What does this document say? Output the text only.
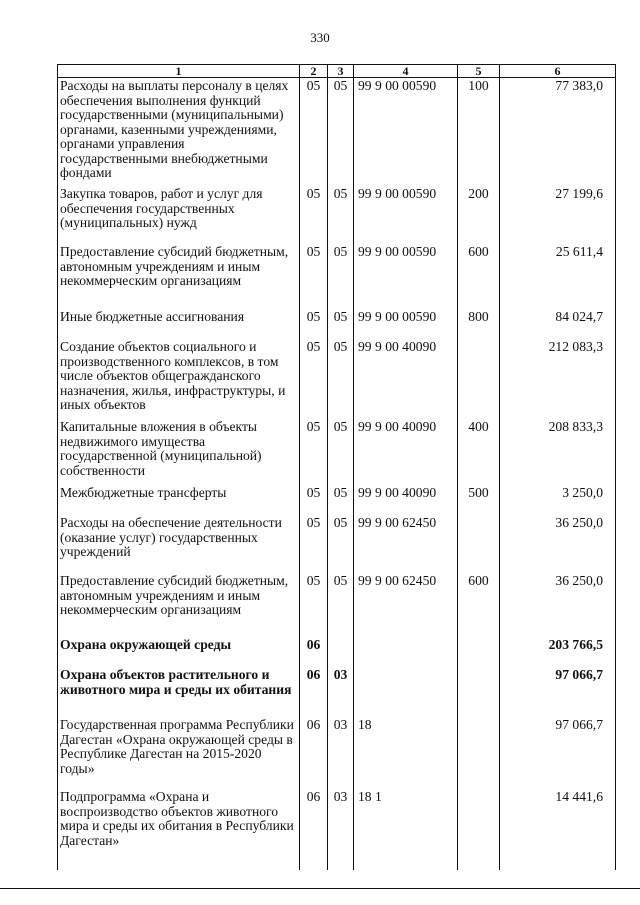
330
1	2	3	4	5	6
Расходы на выплаты персоналу в целях обеспечения выполнения функций государственными (муниципальными) органами, казенными учреждениями, органами управления государственными внебюджетными фондами	05	05	99 9 00 00590	100	77 383,0
Закупка товаров, работ и услуг для обеспечения государственных (муниципальных) нужд	05	05	99 9 00 00590	200	27 199,6
Предоставление субсидий бюджетным, автономным учреждениям и иным некоммерческим организациям	05	05	99 9 00 00590	600	25 611,4
Иные бюджетные ассигнования	05	05	99 9 00 00590	800	84 024,7
Создание объектов социального и производственного комплексов, в том числе объектов общегражданского назначения, жилья, инфраструктуры, и иных объектов	05	05	99 9 00 40090		212 083,3
Капитальные вложения в объекты недвижимого имущества государственной (муниципальной) собственности	05	05	99 9 00 40090	400	208 833,3
Межбюджетные трансферты	05	05	99 9 00 40090	500	3 250,0
Расходы на обеспечение деятельности (оказание услуг) государственных учреждений	05	05	99 9 00 62450		36 250,0
Предоставление субсидий бюджетным, автономным учреждениям и иным некоммерческим организациям	05	05	99 9 00 62450	600	36 250,0
Охрана окружающей среды	06				203 766,5
Охрана объектов растительного и животного мира и среды их обитания	06	03			97 066,7
Государственная программа Республики Дагестан «Охрана окружающей среды в Республике Дагестан на 2015-2020 годы»	06	03	18		97 066,7
Подпрограмма «Охрана и воспроизводство объектов животного мира и среды их обитания в Республики Дагестан»	06	03	18 1		14 441,6
